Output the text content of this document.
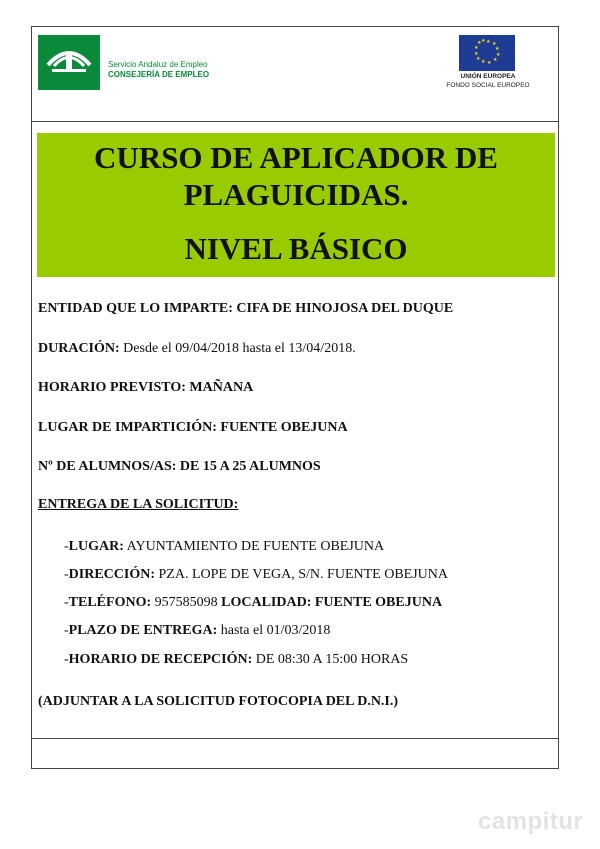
Servicio Andaluz de Empleo
CONSEJERÍA DE EMPLEO
★ ★
★
★
★
★
★
★
★
★
★ ★
UNIÓN EUROPEA
FONDO SOCIAL EUROPEO
CURSO DE APLICADOR DE PLAGUICIDAS.
NIVEL BÁSICO
ENTIDAD QUE LO IMPARTE: CIFA DE HINOJOSA DEL DUQUE
DURACIÓN: Desde el 09/04/2018 hasta el 13/04/2018.
HORARIO PREVISTO: MAÑANA
LUGAR DE IMPARTICIÓN: FUENTE OBEJUNA
Nº DE ALUMNOS/AS: DE 15 A 25 ALUMNOS
ENTREGA DE LA SOLICITUD:
-LUGAR: AYUNTAMIENTO DE FUENTE OBEJUNA
-DIRECCIÓN: PZA. LOPE DE VEGA, S/N. FUENTE OBEJUNA
-TELÉFONO: 957585098 LOCALIDAD: FUENTE OBEJUNA
-PLAZO DE ENTREGA: hasta el 01/03/2018
-HORARIO DE RECEPCIÓN: DE 08:30 A 15:00 HORAS
(ADJUNTAR A LA SOLICITUD FOTOCOPIA DEL D.N.I.)
campitur
